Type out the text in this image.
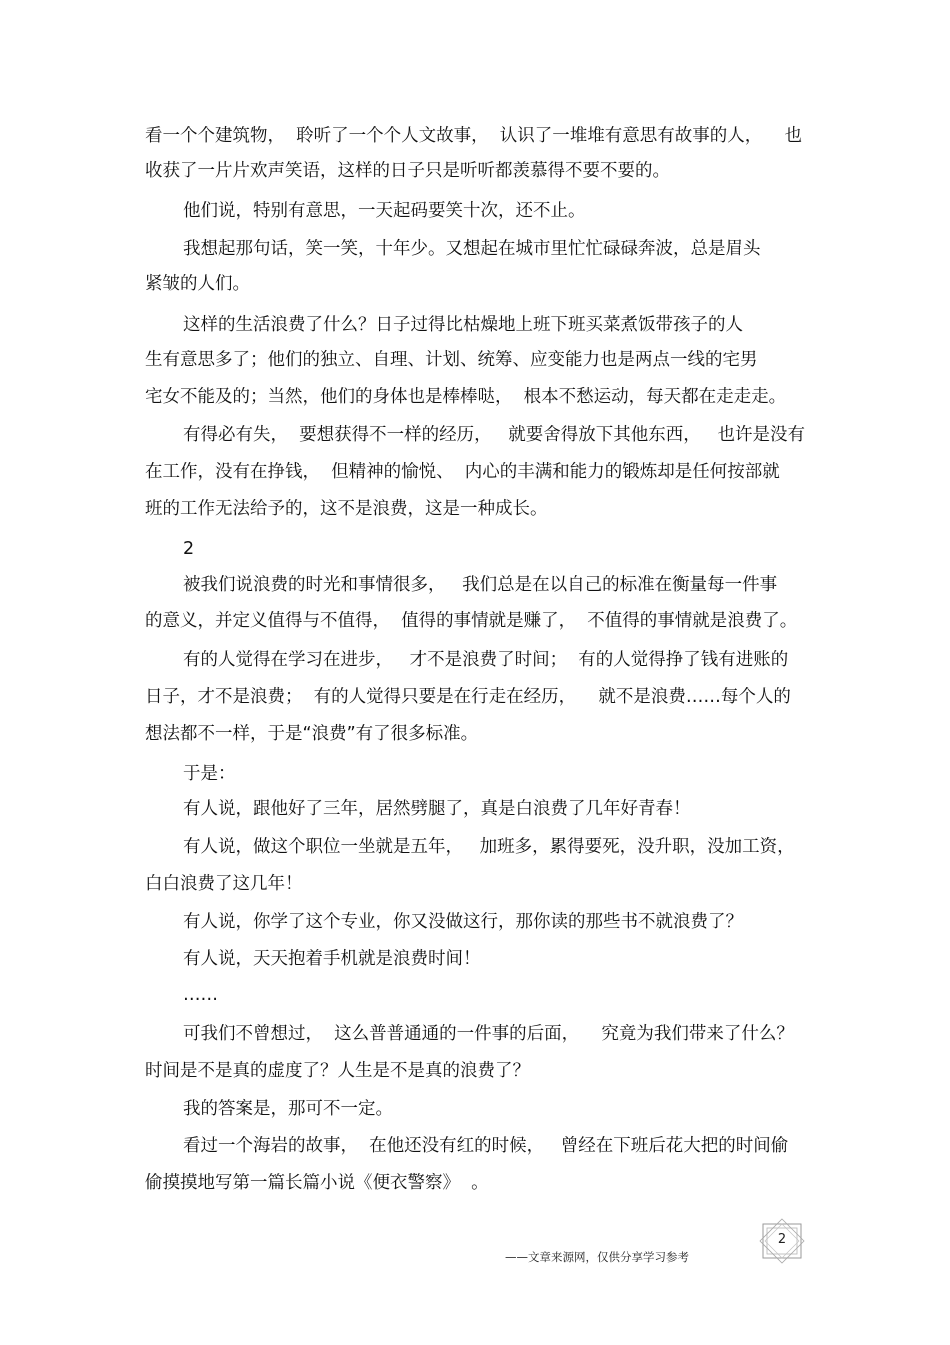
看一个个建筑物，  聆听了一个个人文故事，  认识了一堆堆有意思有故事的人，    也
收获了一片片欢声笑语，这样的日子只是听听都羡慕得不要不要的。
他们说，特别有意思，一天起码要笑十次，还不止。
我想起那句话，笑一笑，十年少。又想起在城市里忙忙碌碌奔波，总是眉头
紧皱的人们。
这样的生活浪费了什么？日子过得比枯燥地上班下班买菜煮饭带孩子的人
生有意思多了；他们的独立、自理、计划、统筹、应变能力也是两点一线的宅男
宅女不能及的；当然，他们的身体也是棒棒哒，  根本不愁运动，每天都在走走走。
有得必有失，  要想获得不一样的经历，   就要舍得放下其他东西，   也许是没有
在工作，没有在挣钱，  但精神的愉悦、  内心的丰满和能力的锻炼却是任何按部就
班的工作无法给予的，这不是浪费，这是一种成长。
2
被我们说浪费的时光和事情很多，   我们总是在以自己的标准在衡量每一件事
的意义，并定义值得与不值得，  值得的事情就是赚了，  不值得的事情就是浪费了。
有的人觉得在学习在进步，   才不是浪费了时间；  有的人觉得挣了钱有进账的
日子，才不是浪费；  有的人觉得只要是在行走在经历，    就不是浪费……每个人的
想法都不一样，于是“浪费”有了很多标准。
于是：
有人说，跟他好了三年，居然劈腿了，真是白浪费了几年好青春！
有人说，做这个职位一坐就是五年，   加班多，累得要死，没升职，没加工资，
白白浪费了这几年！
有人说，你学了这个专业，你又没做这行，那你读的那些书不就浪费了？
有人说，天天抱着手机就是浪费时间！
……
可我们不曾想过，  这么普普通通的一件事的后面，    究竟为我们带来了什么？
时间是不是真的虚度了？人生是不是真的浪费了？
我的答案是，那可不一定。
看过一个海岩的故事，  在他还没有红的时候，   曾经在下班后花大把的时间偷
偷摸摸地写第一篇长篇小说《便衣警察》  。
——文章来源网，仅供分享学习参考
2
